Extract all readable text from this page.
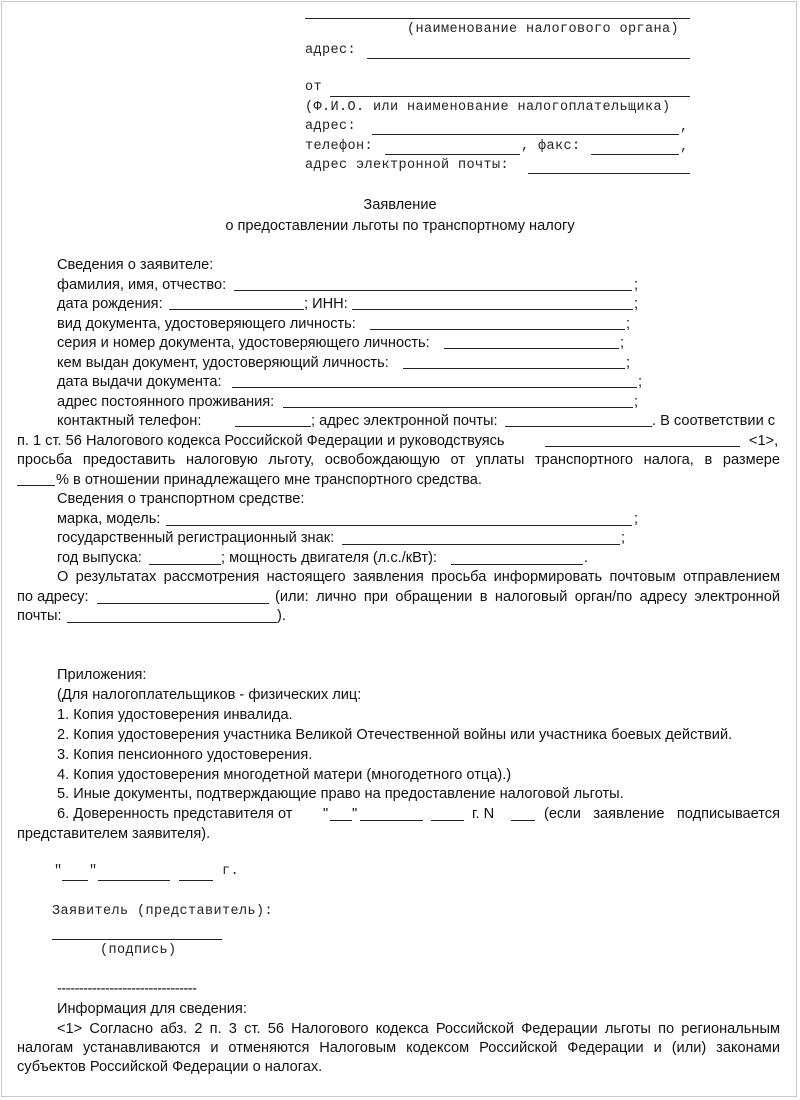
(наименование налогового органа)
адрес:
от
(Ф.И.О. или наименование налогоплательщика)
адрес:	,
телефон:	, факс:	,
адрес электронной почты:
Заявление
о предоставлении льготы по транспортному налогу
Сведения о заявителе:
фамилия, имя, отчество:	;
дата рождения:	; ИНН:	;
вид документа, удостоверяющего личность:	;
серия и номер документа, удостоверяющего личность:	;
кем выдан документ, удостоверяющий личность:	;
дата выдачи документа:	;
адрес постоянного проживания:	;
контактный телефон:	; адрес электронной почты:	. В соответствии с
п. 1 ст. 56 Налогового кодекса Российской Федерации и руководствуясь	<1>,
просьба предоставить налоговую льготу, освобождающую от уплаты транспортного налога, в размере
% в отношении принадлежащего мне транспортного средства.
Сведения о транспортном средстве:
марка, модель:	;
государственный регистрационный знак:	;
год выпуска:	; мощность двигателя (л.с./кВт):	.
О результатах рассмотрения настоящего заявления просьба информировать почтовым отправлением
по адресу:	(или: лично при обращении в налоговый орган/по адресу электронной
почты:	).
Приложения:
(Для налогоплательщиков - физических лиц:
1. Копия удостоверения инвалида.
2. Копия удостоверения участника Великой Отечественной войны или участника боевых действий.
3. Копия пенсионного удостоверения.
4. Копия удостоверения многодетной матери (многодетного отца).)
5. Иные документы, подтверждающие право на предоставление налоговой льготы.
6. Доверенность представителя от " "	г. N	(если заявление подписывается
представителем заявителя).
" "	г.
Заявитель (представитель):
(подпись)
--------------------------------
Информация для сведения:
<1> Согласно абз. 2 п. 3 ст. 56 Налогового кодекса Российской Федерации льготы по региональным
налогам устанавливаются и отменяются Налоговым кодексом Российской Федерации и (или) законами
субъектов Российской Федерации о налогах.
